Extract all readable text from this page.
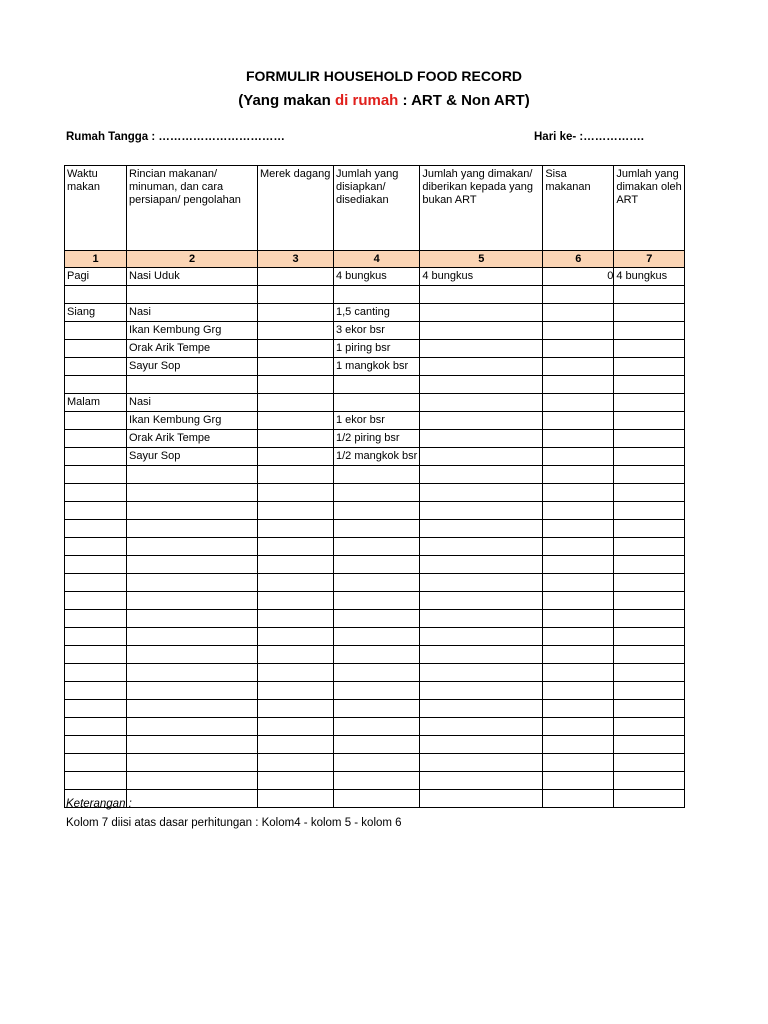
FORMULIR HOUSEHOLD FOOD RECORD
(Yang makan di rumah : ART & Non ART)
Rumah Tangga : ……………………………	Hari ke- :…………….
Waktu makan	Rincian makanan/ minuman, dan cara persiapan/ pengolahan	Merek dagang	Jumlah yang disiapkan/ disediakan	Jumlah yang dimakan/ diberikan kepada yang bukan ART	Sisa makanan	Jumlah yang dimakan oleh ART
1	2	3	4	5	6	7
Pagi	Nasi Uduk		4 bungkus	4 bungkus	0	4 bungkus

Siang	Nasi		1,5 canting			
	Ikan Kembung Grg		3 ekor bsr			
	Orak Arik Tempe		1 piring bsr			
	Sayur Sop		1 mangkok bsr			

Malam	Nasi					
	Ikan Kembung Grg		1 ekor bsr			
	Orak Arik Tempe		1/2 piring bsr			
	Sayur Sop		1/2 mangkok bsr			

Keterangan :
Kolom 7 diisi atas dasar perhitungan : Kolom4 - kolom 5 - kolom 6
